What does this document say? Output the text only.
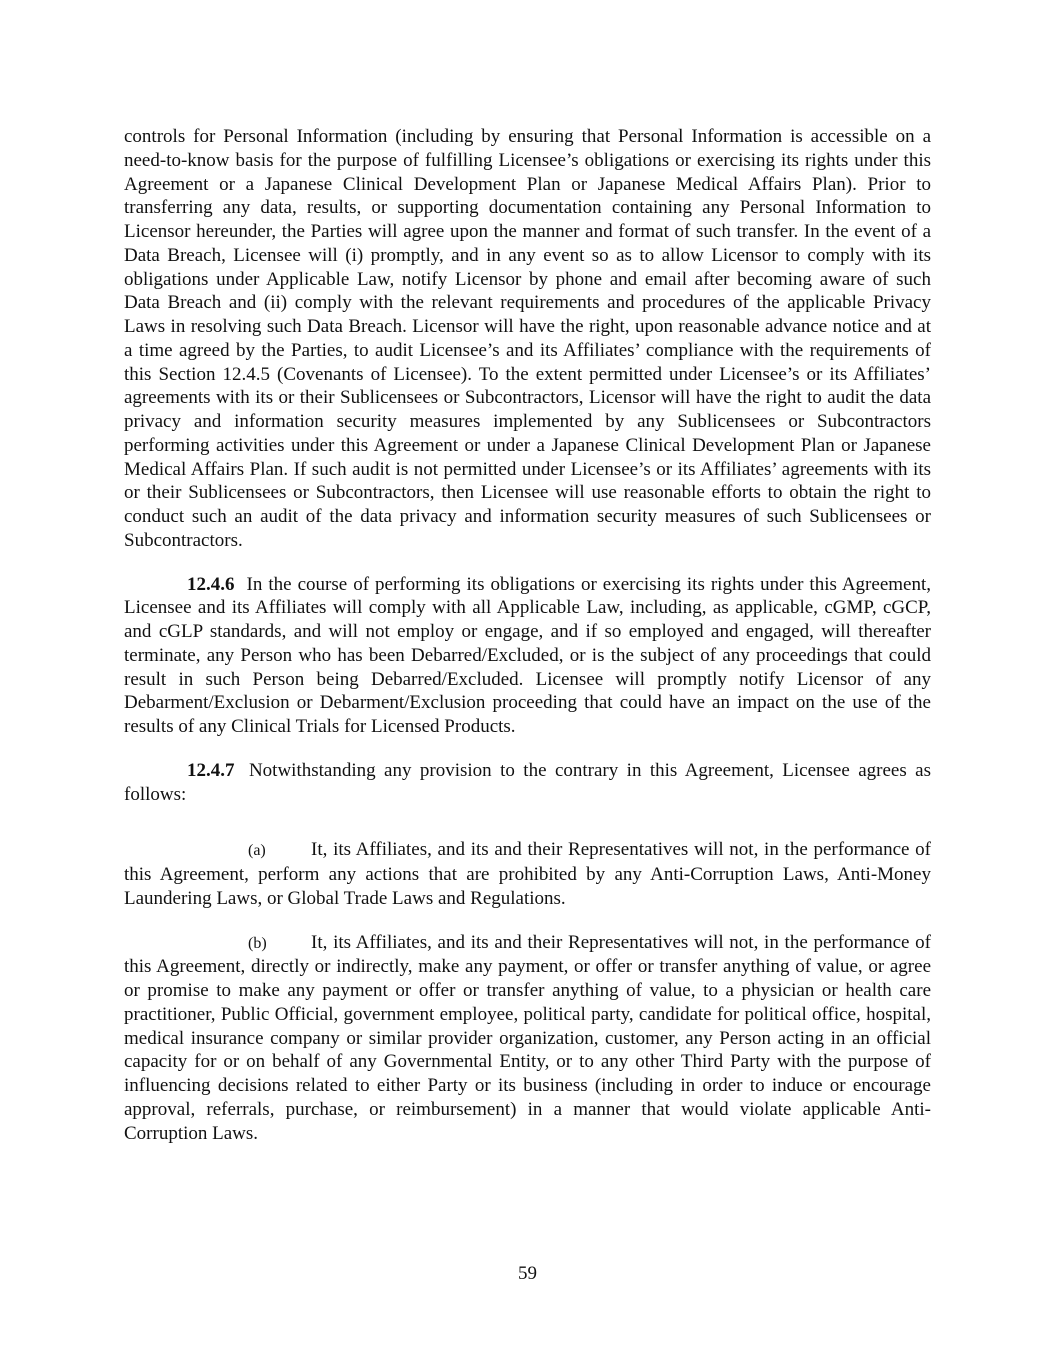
controls for Personal Information (including by ensuring that Personal Information is accessible on a need-to-know basis for the purpose of fulfilling Licensee’s obligations or exercising its rights under this Agreement or a Japanese Clinical Development Plan or Japanese Medical Affairs Plan). Prior to transferring any data, results, or supporting documentation containing any Personal Information to Licensor hereunder, the Parties will agree upon the manner and format of such transfer. In the event of a Data Breach, Licensee will (i) promptly, and in any event so as to allow Licensor to comply with its obligations under Applicable Law, notify Licensor by phone and email after becoming aware of such Data Breach and (ii) comply with the relevant requirements and procedures of the applicable Privacy Laws in resolving such Data Breach. Licensor will have the right, upon reasonable advance notice and at a time agreed by the Parties, to audit Licensee’s and its Affiliates’ compliance with the requirements of this Section 12.4.5 (Covenants of Licensee). To the extent permitted under Licensee’s or its Affiliates’ agreements with its or their Sublicensees or Subcontractors, Licensor will have the right to audit the data privacy and information security measures implemented by any Sublicensees or Subcontractors performing activities under this Agreement or under a Japanese Clinical Development Plan or Japanese Medical Affairs Plan. If such audit is not permitted under Licensee’s or its Affiliates’ agreements with its or their Sublicensees or Subcontractors, then Licensee will use reasonable efforts to obtain the right to conduct such an audit of the data privacy and information security measures of such Sublicensees or Subcontractors.

12.4.6 In the course of performing its obligations or exercising its rights under this Agreement, Licensee and its Affiliates will comply with all Applicable Law, including, as applicable, cGMP, cGCP, and cGLP standards, and will not employ or engage, and if so employed and engaged, will thereafter terminate, any Person who has been Debarred/Excluded, or is the subject of any proceedings that could result in such Person being Debarred/Excluded. Licensee will promptly notify Licensor of any Debarment/Exclusion or Debarment/Exclusion proceeding that could have an impact on the use of the results of any Clinical Trials for Licensed Products.

12.4.7 Notwithstanding any provision to the contrary in this Agreement, Licensee agrees as follows:

(a) It, its Affiliates, and its and their Representatives will not, in the performance of this Agreement, perform any actions that are prohibited by any Anti-Corruption Laws, Anti-Money Laundering Laws, or Global Trade Laws and Regulations.

(b) It, its Affiliates, and its and their Representatives will not, in the performance of this Agreement, directly or indirectly, make any payment, or offer or transfer anything of value, or agree or promise to make any payment or offer or transfer anything of value, to a physician or health care practitioner, Public Official, government employee, political party, candidate for political office, hospital, medical insurance company or similar provider organization, customer, any Person acting in an official capacity for or on behalf of any Governmental Entity, or to any other Third Party with the purpose of influencing decisions related to either Party or its business (including in order to induce or encourage approval, referrals, purchase, or reimbursement) in a manner that would violate applicable Anti-Corruption Laws.

59
